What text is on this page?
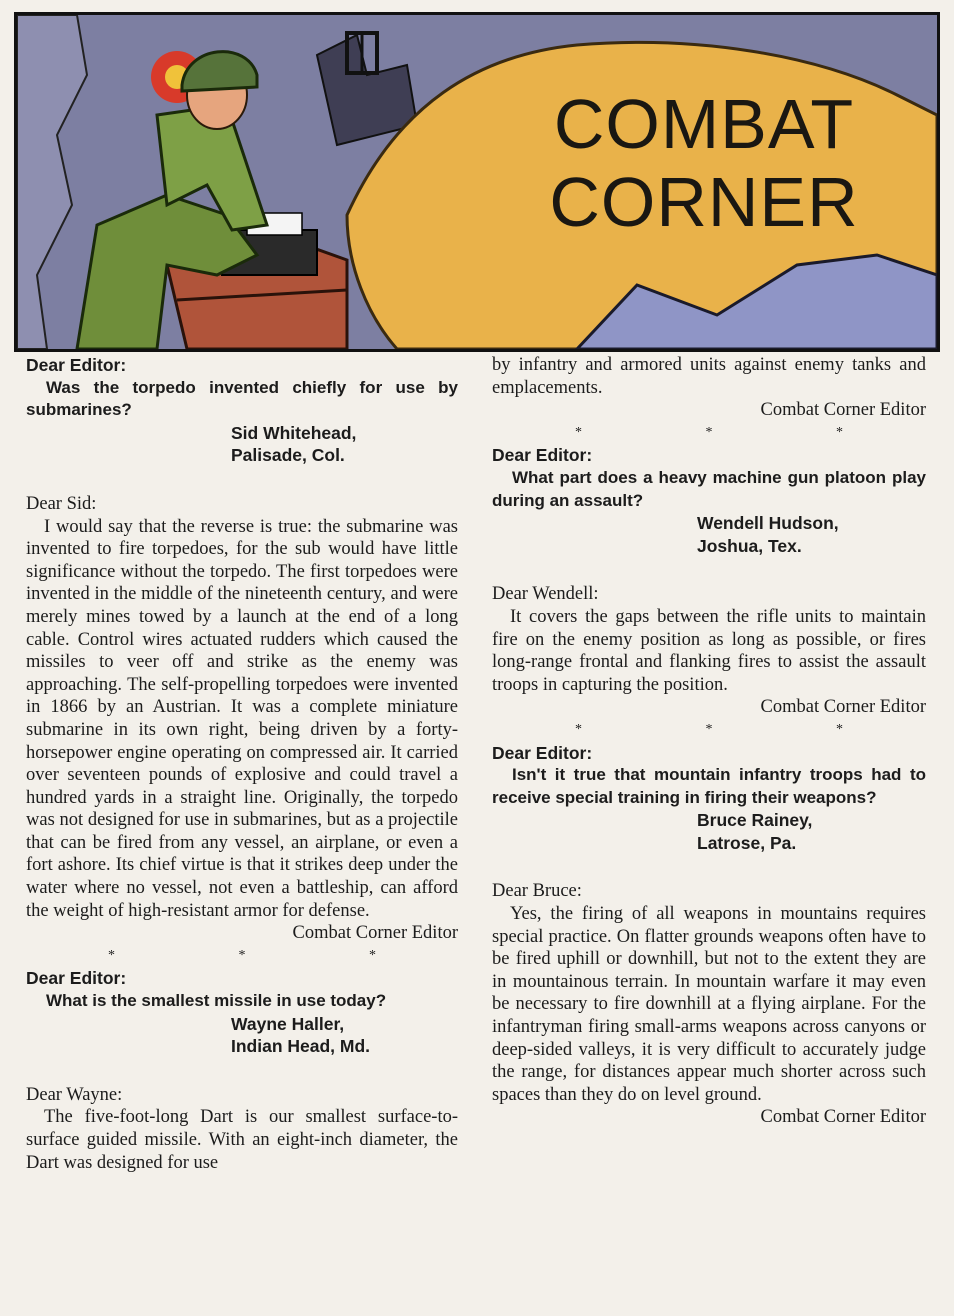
COMBAT
CORNER

Dear Editor:

Was the torpedo invented chiefly for use by submarines?

Sid Whitehead,

Palisade, Col.

Dear Sid:

I would say that the reverse is true: the submarine was invented to fire torpedoes, for the sub would have little significance without the torpedo. The first torpedoes were invented in the middle of the nineteenth century, and were merely mines towed by a launch at the end of a long cable. Control wires actuated rudders which caused the missiles to veer off and strike as the enemy was approaching. The self-propelling torpedoes were invented in 1866 by an Austrian. It was a complete miniature submarine in its own right, being driven by a forty-horsepower engine operating on compressed air. It carried over seventeen pounds of explosive and could travel a hundred yards in a straight line. Originally, the torpedo was not designed for use in submarines, but as a projectile that can be fired from any vessel, an airplane, or even a fort ashore. Its chief virtue is that it strikes deep under the water where no vessel, not even a battleship, can afford the weight of high-resistant armor for defense.

Combat Corner Editor

* * *

Dear Editor:

What is the smallest missile in use today?

Wayne Haller,

Indian Head, Md.

Dear Wayne:

The five-foot-long Dart is our smallest surface-to-surface guided missile. With an eight-inch diameter, the Dart was designed for use

by infantry and armored units against enemy tanks and emplacements.

Combat Corner Editor

* * *

Dear Editor:

What part does a heavy machine gun platoon play during an assault?

Wendell Hudson,

Joshua, Tex.

Dear Wendell:

It covers the gaps between the rifle units to maintain fire on the enemy position as long as possible, or fires long-range frontal and flanking fires to assist the assault troops in capturing the position.

Combat Corner Editor

* * *

Dear Editor:

Isn't it true that mountain infantry troops had to receive special training in firing their weapons?

Bruce Rainey,

Latrose, Pa.

Dear Bruce:

Yes, the firing of all weapons in mountains requires special practice. On flatter grounds weapons often have to be fired uphill or downhill, but not to the extent they are in mountainous terrain. In mountain warfare it may even be necessary to fire downhill at a flying airplane. For the infantryman firing small-arms weapons across canyons or deep-sided valleys, it is very difficult to accurately judge the range, for distances appear much shorter across such spaces than they do on level ground.

Combat Corner Editor
